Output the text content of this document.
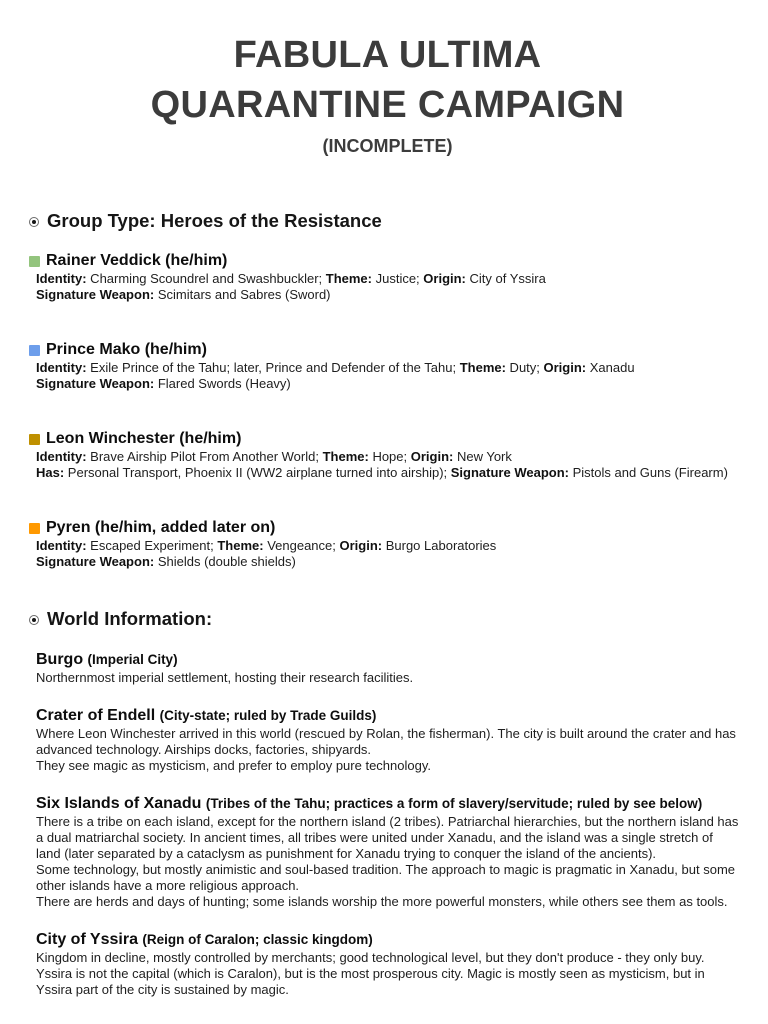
FABULA ULTIMA
QUARANTINE CAMPAIGN
(INCOMPLETE)
Group Type: Heroes of the Resistance
Rainer Veddick (he/him)

Identity: Charming Scoundrel and Swashbuckler; Theme: Justice; Origin: City of Yssira

Signature Weapon: Scimitars and Sabres (Sword)

Prince Mako (he/him)

Identity: Exile Prince of the Tahu; later, Prince and Defender of the Tahu; Theme: Duty; Origin: Xanadu

Signature Weapon: Flared Swords (Heavy)

Leon Winchester (he/him)

Identity: Brave Airship Pilot From Another World; Theme: Hope; Origin: New York

Has: Personal Transport, Phoenix II (WW2 airplane turned into airship); Signature Weapon: Pistols and Guns (Firearm)

Pyren (he/him, added later on)

Identity: Escaped Experiment; Theme: Vengeance; Origin: Burgo Laboratories

Signature Weapon: Shields (double shields)

World Information:
Burgo (Imperial City)

Northernmost imperial settlement, hosting their research facilities.

Crater of Endell (City-state; ruled by Trade Guilds)

Where Leon Winchester arrived in this world (rescued by Rolan, the fisherman). The city is built around the crater and has advanced technology. Airships docks, factories, shipyards.

They see magic as mysticism, and prefer to employ pure technology.

Six Islands of Xanadu (Tribes of the Tahu; practices a form of slavery/servitude; ruled by see below)

There is a tribe on each island, except for the northern island (2 tribes). Patriarchal hierarchies, but the northern island has a dual matriarchal society. In ancient times, all tribes were united under Xanadu, and the island was a single stretch of land (later separated by a cataclysm as punishment for Xanadu trying to conquer the island of the ancients).

Some technology, but mostly animistic and soul-based tradition. The approach to magic is pragmatic in Xanadu, but some other islands have a more religious approach.

There are herds and days of hunting; some islands worship the more powerful monsters, while others see them as tools.

City of Yssira (Reign of Caralon; classic kingdom)

Kingdom in decline, mostly controlled by merchants; good technological level, but they don't produce - they only buy.

Yssira is not the capital (which is Caralon), but is the most prosperous city. Magic is mostly seen as mysticism, but in Yssira part of the city is sustained by magic.
